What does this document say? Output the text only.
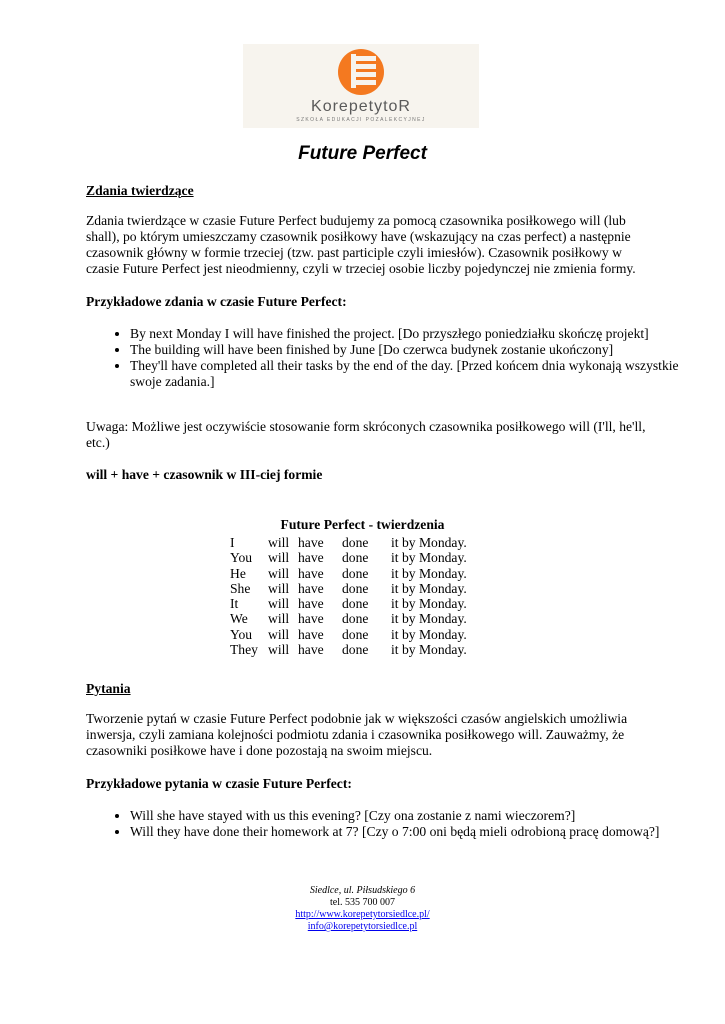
KorepetytoR
SZKOŁA EDUKACJI POZALEKCYJNEJ
Future Perfect
Zdania twierdzące
Zdania twierdzące w czasie Future Perfect budujemy za pomocą czasownika posiłkowego will (lub shall), po którym umieszczamy czasownik posiłkowy have (wskazujący na czas perfect) a następnie czasownik główny w formie trzeciej (tzw. past participle czyli imiesłów). Czasownik posiłkowy w czasie Future Perfect jest nieodmienny, czyli w trzeciej osobie liczby pojedynczej nie zmienia formy.
Przykładowe zdania w czasie Future Perfect:
• By next Monday I will have finished the project. [Do przyszłego poniedziałku skończę projekt]
• The building will have been finished by June [Do czerwca budynek zostanie ukończony]
• They'll have completed all their tasks by the end of the day. [Przed końcem dnia wykonają wszystkie swoje zadania.]
Uwaga: Możliwe jest oczywiście stosowanie form skróconych czasownika posiłkowego will (I'll, he'll, etc.)
will + have + czasownik w III-ciej formie
Future Perfect - twierdzenia
I	will	have	done	it by Monday.
You	will	have	done	it by Monday.
He	will	have	done	it by Monday.
She	will	have	done	it by Monday.
It	will	have	done	it by Monday.
We	will	have	done	it by Monday.
You	will	have	done	it by Monday.
They	will	have	done	it by Monday.
Pytania
Tworzenie pytań w czasie Future Perfect podobnie jak w większości czasów angielskich umożliwia inwersja, czyli zamiana kolejności podmiotu zdania i czasownika posiłkowego will. Zauważmy, że czasowniki posiłkowe have i done pozostają na swoim miejscu.
Przykładowe pytania w czasie Future Perfect:
• Will she have stayed with us this evening? [Czy ona zostanie z nami wieczorem?]
• Will they have done their homework at 7? [Czy o 7:00 oni będą mieli odrobioną pracę domową?]
Siedlce, ul. Piłsudskiego 6
tel. 535 700 007
http://www.korepetytorsiedlce.pl/
info@korepetytorsiedlce.pl
